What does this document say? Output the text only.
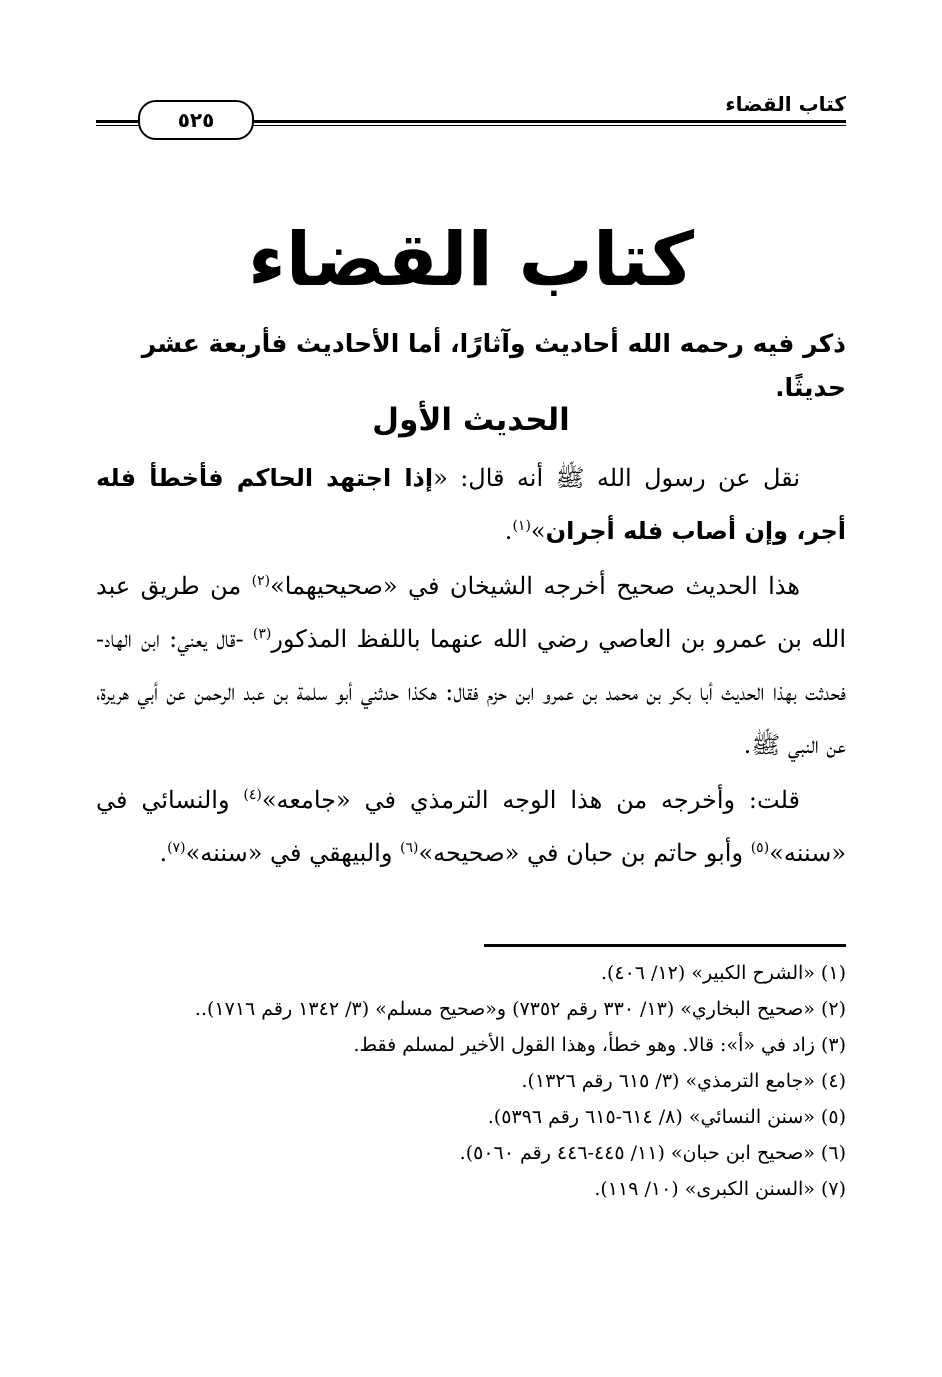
كتاب القضاء
٥٢٥
كتاب القضاء
ذكر فيه رحمه الله أحاديث وآثارًا، أما الأحاديث فأربعة عشر حديثًا.
الحديث الأول

نقل عن رسول الله ﷺ أنه قال: «إذا اجتهد الحاكم فأخطأ فله أجر، وإن أصاب فله أجران»$^{(١)}$.

هذا الحديث صحيح أخرجه الشيخان في «صحيحيهما»$^{(٢)}$ من طريق عبد الله بن عمرو بن العاصي رضي الله عنهما باللفظ المذكور$^{(٣)}$ -قال يعني: ابن الهاد- فحدثت بهذا الحديث أبا بكر بن محمد بن عمرو ابن حزم فقال: هكذا حدثني أبو سلمة بن عبد الرحمن عن أبي هريرة، عن النبي ﷺ.

قلت: وأخرجه من هذا الوجه الترمذي في «جامعه»$^{(٤)}$ والنسائي في «سننه»$^{(٥)}$ وأبو حاتم بن حبان في «صحيحه»$^{(٦)}$ والبيهقي في «سننه»$^{(٧)}$.

(١) «الشرح الكبير» (١٢/ ٤٠٦).

(٢) «صحيح البخاري» (١٣/ ٣٣٠ رقم ٧٣٥٢) و«صحيح مسلم» (٣/ ١٣٤٢ رقم ١٧١٦)..

(٣) زاد في «أ»: قالا. وهو خطأ، وهذا القول الأخير لمسلم فقط.

(٤) «جامع الترمذي» (٣/ ٦١٥ رقم ١٣٢٦).

(٥) «سنن النسائي» (٨/ ٦١٤-٦١٥ رقم ٥٣٩٦).

(٦) «صحيح ابن حبان» (١١/ ٤٤٥-٤٤٦ رقم ٥٠٦٠).

(٧) «السنن الكبرى» (١٠/ ١١٩).
